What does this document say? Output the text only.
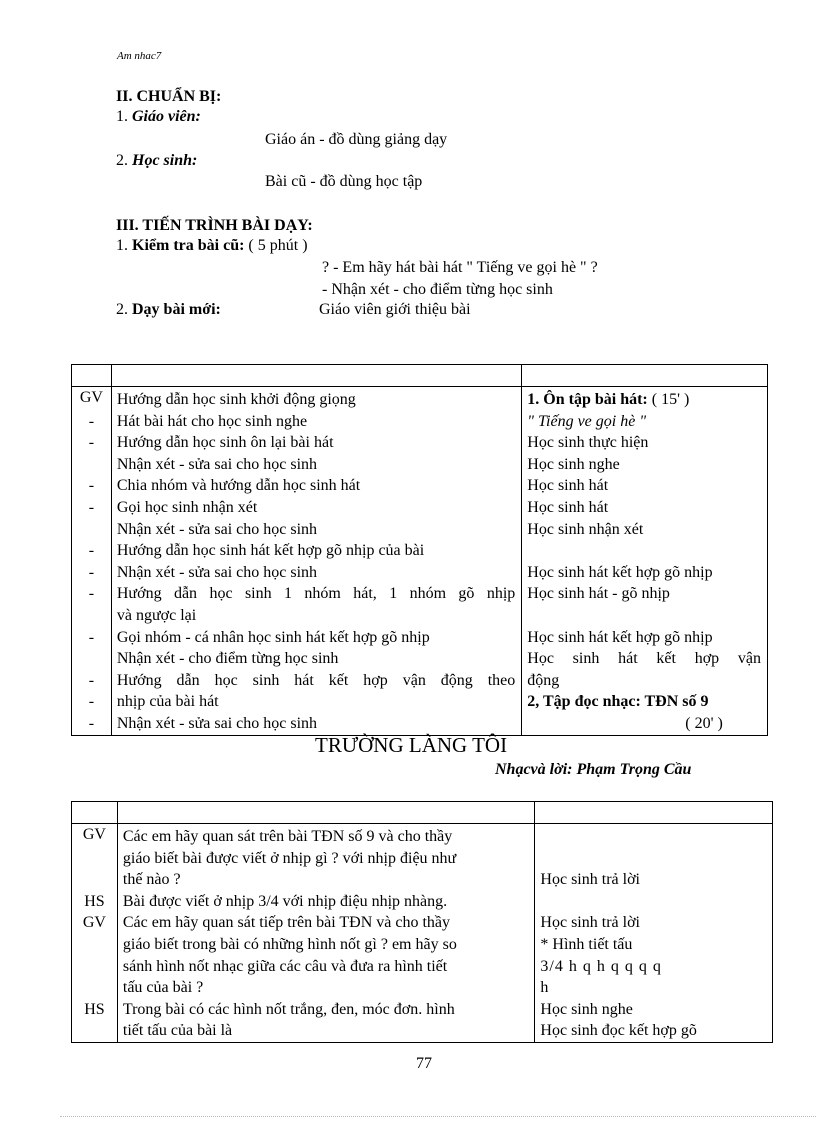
Am nhac7
II. CHUẨN BỊ:
1. Giáo viên:
Giáo án - đồ dùng giảng dạy
2. Học sinh:
Bài cũ - đồ dùng học tập
III. TIẾN TRÌNH BÀI DẠY:
1. Kiểm tra bài cũ: ( 5 phút )
? - Em hãy hát bài hát " Tiếng ve gọi hè " ?
- Nhận xét - cho điểm từng học sinh
2. Dạy bài mới:	Giáo viên giới thiệu bài

GV	Hướng dẫn học sinh khởi động giọng	1. Ôn tập bài hát: ( 15' )
-	Hát bài hát cho học sinh nghe	" Tiếng ve gọi hè "
-	Hướng dẫn học sinh ôn lại bài hát	Học sinh thực hiện
	Nhận xét - sửa sai cho học sinh	Học sinh nghe
-	Chia nhóm và hướng dẫn học sinh hát	Học sinh hát
-	Gọi học sinh nhận xét	Học sinh hát
	Nhận xét - sửa sai cho học sinh	Học sinh nhận xét
-	Hướng dẫn học sinh hát kết hợp gõ nhịp của bài	
-	Nhận xét - sửa sai cho học sinh	Học sinh hát kết hợp gõ nhịp
-	Hướng dẫn học sinh 1 nhóm hát, 1 nhóm gõ nhịp	Học sinh hát - gõ nhịp
	và ngược lại	
-	Gọi nhóm - cá nhân học sinh hát kết hợp gõ nhịp	Học sinh hát kết hợp gõ nhịp
	Nhận xét - cho điểm từng học sinh	Học sinh hát kết hợp vận

-	Hướng dẫn học sinh hát kết hợp vận động theo	động
-	nhịp của bài hát	2, Tập đọc nhạc: TĐN số 9
-	Nhận xét - sửa sai cho học sinh	( 20' )
TRƯỜNG LÀNG TÔI
Nhạcvà lời: Phạm Trọng Cầu

GV	Các em hãy quan sát trên bài TĐN số 9 và cho thầy	
	giáo biết bài được viết ở nhịp gì ? với nhịp điệu như	
	thế nào ?	Học sinh trả lời
HS	Bài được viết ở nhịp 3/4 với nhịp điệu nhịp nhàng.	
GV	Các em hãy quan sát tiếp trên bài TĐN và cho thầy	Học sinh trả lời
	giáo biết trong bài có những hình nốt gì ? em hãy so	* Hình tiết tấu
	sánh hình nốt nhạc giữa các câu và đưa ra hình tiết	3/4 h q h q q q q
	tấu của bài ?	h
HS	Trong bài có các hình nốt trắng, đen, móc đơn. hình	Học sinh nghe
	tiết tấu của bài là	Học sinh đọc kết hợp gõ
77
